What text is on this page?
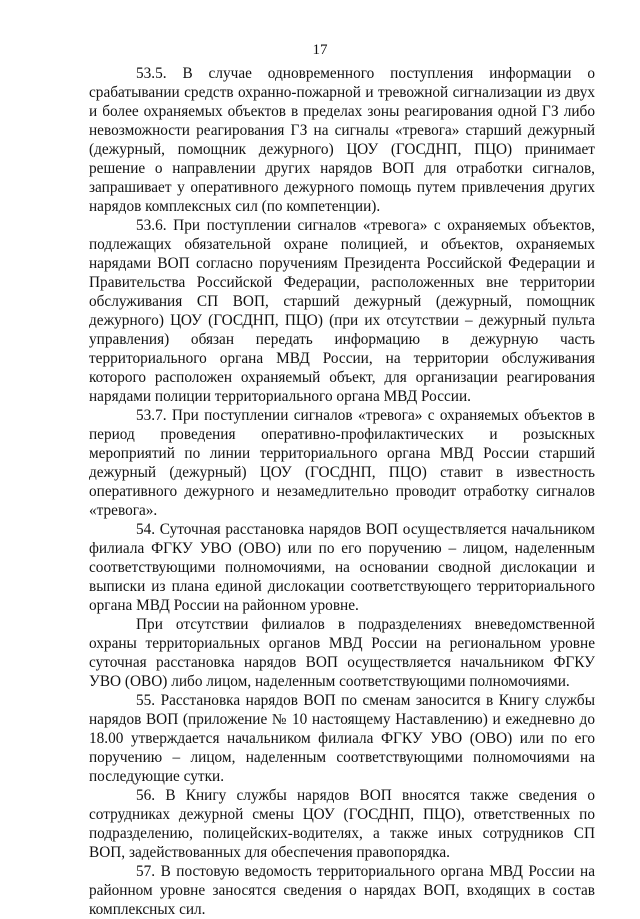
17

53.5. В случае одновременного поступления информации о срабатывании средств охранно-пожарной и тревожной сигнализации из двух и более охраняемых объектов в пределах зоны реагирования одной ГЗ либо невозможности реагирования ГЗ на сигналы «тревога» старший дежурный (дежурный, помощник дежурного) ЦОУ (ГОСДНП, ПЦО) принимает решение о направлении других нарядов ВОП для отработки сигналов, запрашивает у оперативного дежурного помощь путем привлечения других нарядов комплексных сил (по компетенции).

53.6. При поступлении сигналов «тревога» с охраняемых объектов, подлежащих обязательной охране полицией, и объектов, охраняемых нарядами ВОП согласно поручениям Президента Российской Федерации и Правительства Российской Федерации, расположенных вне территории обслуживания СП ВОП, старший дежурный (дежурный, помощник дежурного) ЦОУ (ГОСДНП, ПЦО) (при их отсутствии – дежурный пульта управления) обязан передать информацию в дежурную часть территориального органа МВД России, на территории обслуживания которого расположен охраняемый объект, для организации реагирования нарядами полиции территориального органа МВД России.

53.7. При поступлении сигналов «тревога» с охраняемых объектов в период проведения оперативно-профилактических и розыскных мероприятий по линии территориального органа МВД России старший дежурный (дежурный) ЦОУ (ГОСДНП, ПЦО) ставит в известность оперативного дежурного и незамедлительно проводит отработку сигналов «тревога».

54. Суточная расстановка нарядов ВОП осуществляется начальником филиала ФГКУ УВО (ОВО) или по его поручению – лицом, наделенным соответствующими полномочиями, на основании сводной дислокации и выписки из плана единой дислокации соответствующего территориального органа МВД России на районном уровне.

При отсутствии филиалов в подразделениях вневедомственной охраны территориальных органов МВД России на региональном уровне суточная расстановка нарядов ВОП осуществляется начальником ФГКУ УВО (ОВО) либо лицом, наделенным соответствующими полномочиями.

55. Расстановка нарядов ВОП по сменам заносится в Книгу службы нарядов ВОП (приложение № 10 настоящему Наставлению) и ежедневно до 18.00 утверждается начальником филиала ФГКУ УВО (ОВО) или по его поручению – лицом, наделенным соответствующими полномочиями на последующие сутки.

56. В Книгу службы нарядов ВОП вносятся также сведения о сотрудниках дежурной смены ЦОУ (ГОСДНП, ПЦО), ответственных по подразделению, полицейских-водителях, а также иных сотрудников СП ВОП, задействованных для обеспечения правопорядка.

57. В постовую ведомость территориального органа МВД России на районном уровне заносятся сведения о нарядах ВОП, входящих в состав комплексных сил.
